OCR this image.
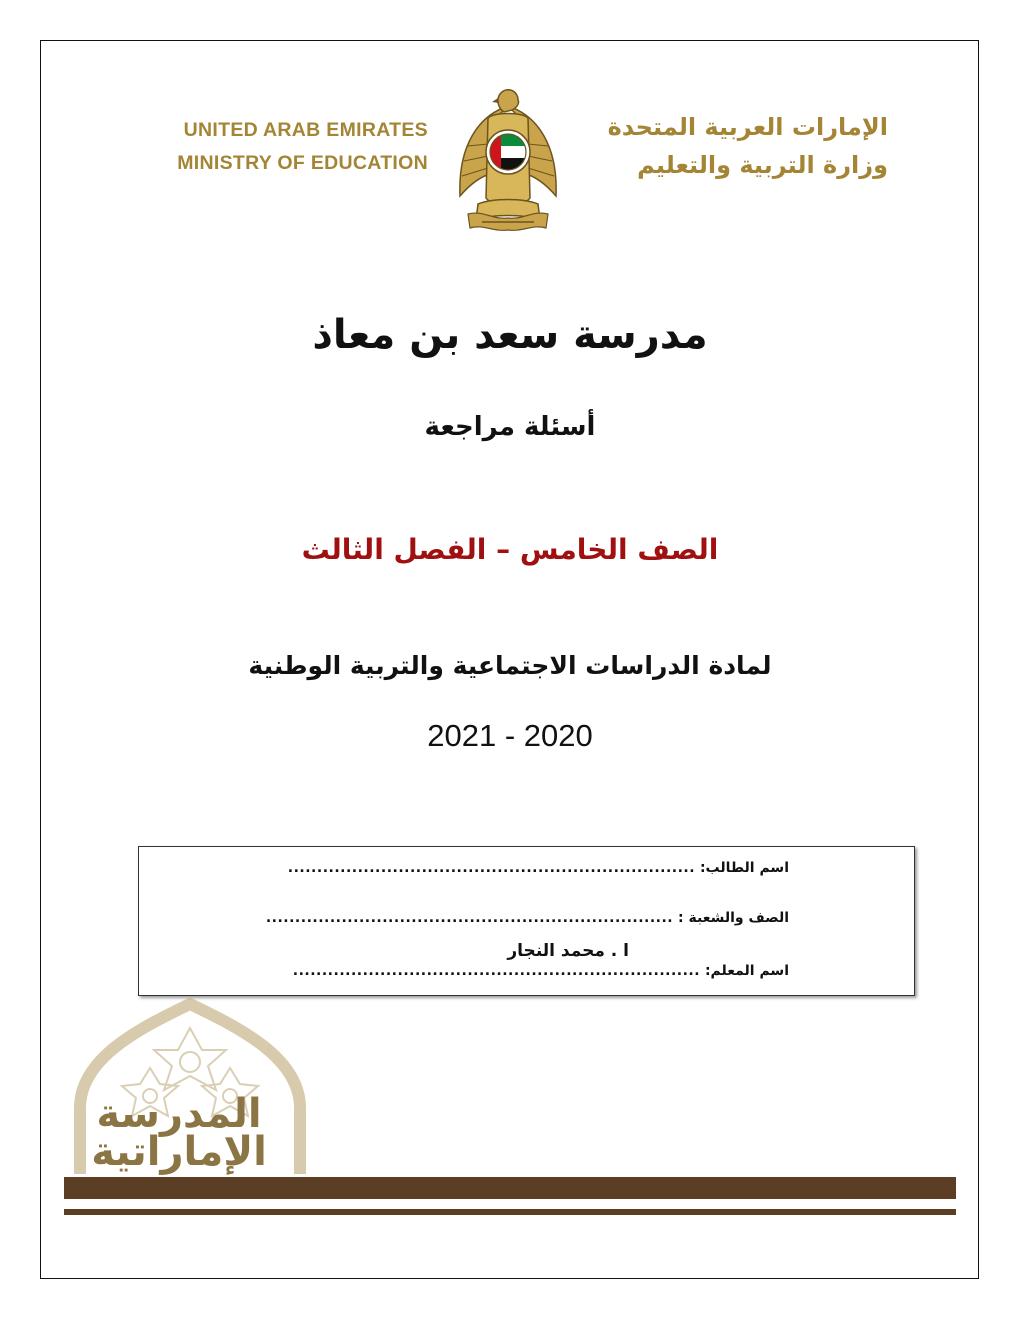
UNITED ARAB EMIRATES
MINISTRY OF EDUCATION
الإمارات العربية المتحدة
وزارة التربية والتعليم
مدرسة سعد بن معاذ
أسئلة مراجعة
الصف الخامس – الفصل الثالث
لمادة الدراسات الاجتماعية والتربية الوطنية
2021 - 2020
اسم الطالب: ......................................................................
الصف والشعبة : ......................................................................
ا . محمد النجار
اسم المعلم: ......................................................................
المدرسة
الإماراتية
